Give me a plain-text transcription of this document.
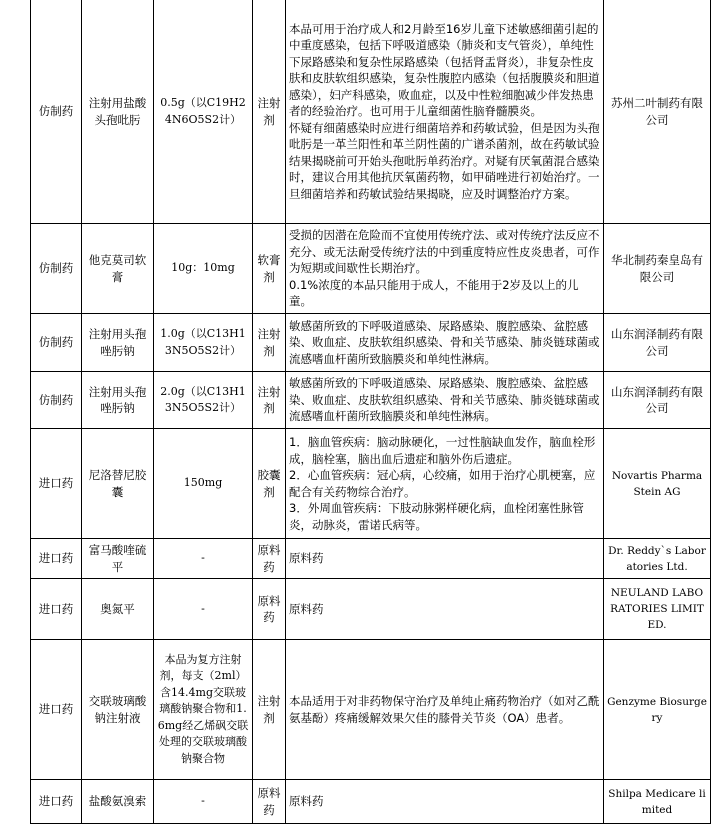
仿制药	注射用盐酸头孢吡肟	0.5g（以C19H24N6O5S2计）	注射剂	本品可用于治疗成人和2月龄至16岁儿童下述敏感细菌引起的中重度感染，包括下呼吸道感染（肺炎和支气管炎），单纯性下尿路感染和复杂性尿路感染（包括肾盂肾炎），非复杂性皮肤和皮肤软组织感染，复杂性腹腔内感染（包括腹膜炎和胆道感染），妇产科感染，败血症，以及中性粒细胞减少伴发热患者的经验治疗。也可用于儿童细菌性脑脊髓膜炎。
怀疑有细菌感染时应进行细菌培养和药敏试验，但是因为头孢吡肟是一革兰阳性和革兰阴性菌的广谱杀菌剂，故在药敏试验结果揭晓前可开始头孢吡肟单药治疗。对疑有厌氧菌混合感染时，建议合用其他抗厌氧菌药物，如甲硝唑进行初始治疗。一旦细菌培养和药敏试验结果揭晓，应及时调整治疗方案。	苏州二叶制药有限公司
仿制药	他克莫司软膏	10g：10mg	软膏剂	受损的因潜在危险而不宜使用传统疗法、或对传统疗法反应不充分、或无法耐受传统疗法的中到重度特应性皮炎患者，可作为短期或间歇性长期治疗。
0.1%浓度的本品只能用于成人，不能用于2岁及以上的儿童。	华北制药秦皇岛有限公司
仿制药	注射用头孢唑肟钠	1.0g（以C13H13N5O5S2计）	注射剂	敏感菌所致的下呼吸道感染、尿路感染、腹腔感染、盆腔感染、败血症、皮肤软组织感染、骨和关节感染、肺炎链球菌或流感嗜血杆菌所致脑膜炎和单纯性淋病。	山东润泽制药有限公司
仿制药	注射用头孢唑肟钠	2.0g（以C13H13N5O5S2计）	注射剂	敏感菌所致的下呼吸道感染、尿路感染、腹腔感染、盆腔感染、败血症、皮肤软组织感染、骨和关节感染、肺炎链球菌或流感嗜血杆菌所致脑膜炎和单纯性淋病。	山东润泽制药有限公司
进口药	尼洛替尼胶囊	150mg	胶囊剂	1．脑血管疾病：脑动脉硬化，一过性脑缺血发作，脑血栓形成，脑栓塞，脑出血后遗症和脑外伤后遗症。
2．心血管疾病：冠心病，心绞痛，如用于治疗心肌梗塞，应配合有关药物综合治疗。
3．外周血管疾病：下肢动脉粥样硬化病，血栓闭塞性脉管炎，动脉炎，雷诺氏病等。	Novartis Pharma Stein AG
进口药	富马酸喹硫平	-	原料药	原料药	Dr. Reddy`s Laboratories Ltd.
进口药	奥氮平	-	原料药	原料药	NEULAND LABORATORIES LIMITED.
进口药	交联玻璃酸钠注射液	本品为复方注射剂，每支（2ml）含14.4mg交联玻璃酸钠聚合物和1.6mg经乙烯砜交联处理的交联玻璃酸钠聚合物	注射剂	本品适用于对非药物保守治疗及单纯止痛药物治疗（如对乙酰氨基酚）疼痛缓解效果欠佳的膝骨关节炎（OA）患者。	Genzyme Biosurgery
进口药	盐酸氨溴索	-	原料药	原料药	Shilpa Medicare limited
